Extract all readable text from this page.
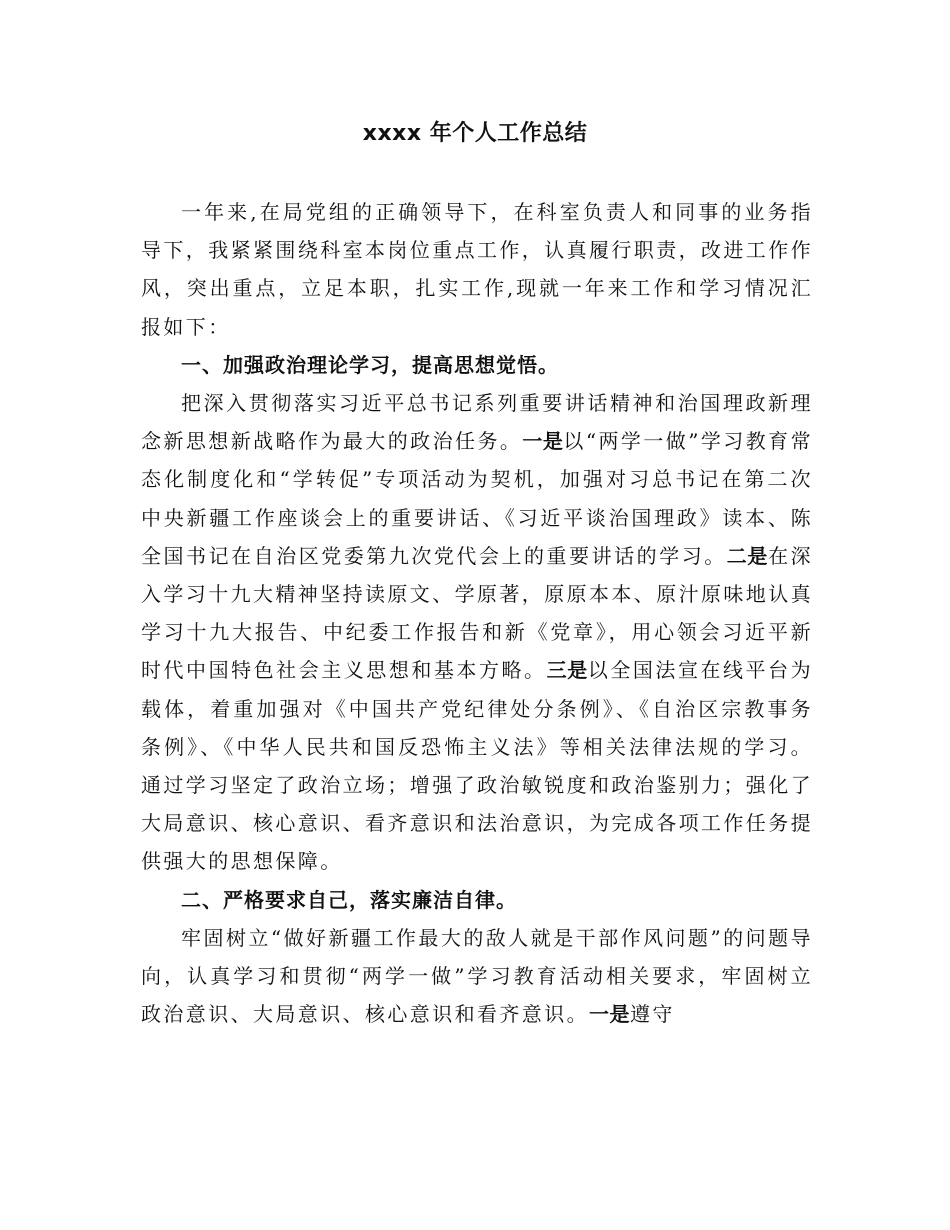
xxxx 年个人工作总结

一年来,在局党组的正确领导下，在科室负责人和同事的业务指导下，我紧紧围绕科室本岗位重点工作，认真履行职责，改进工作作风，突出重点，立足本职，扎实工作,现就一年来工作和学习情况汇报如下：

一、加强政治理论学习，提高思想觉悟。

把深入贯彻落实习近平总书记系列重要讲话精神和治国理政新理念新思想新战略作为最大的政治任务。一是以“两学一做”学习教育常态化制度化和“学转促”专项活动为契机，加强对习总书记在第二次中央新疆工作座谈会上的重要讲话、《习近平谈治国理政》读本、陈全国书记在自治区党委第九次党代会上的重要讲话的学习。二是在深入学习十九大精神坚持读原文、学原著，原原本本、原汁原味地认真学习十九大报告、中纪委工作报告和新《党章》，用心领会习近平新时代中国特色社会主义思想和基本方略。三是以全国法宣在线平台为载体，着重加强对《中国共产党纪律处分条例》、《自治区宗教事务条例》、《中华人民共和国反恐怖主义法》等相关法律法规的学习。通过学习坚定了政治立场；增强了政治敏锐度和政治鉴别力；强化了大局意识、核心意识、看齐意识和法治意识，为完成各项工作任务提供强大的思想保障。

二、严格要求自己，落实廉洁自律。

牢固树立“做好新疆工作最大的敌人就是干部作风问题”的问题导向，认真学习和贯彻“两学一做”学习教育活动相关要求，牢固树立政治意识、大局意识、核心意识和看齐意识。一是遵守
